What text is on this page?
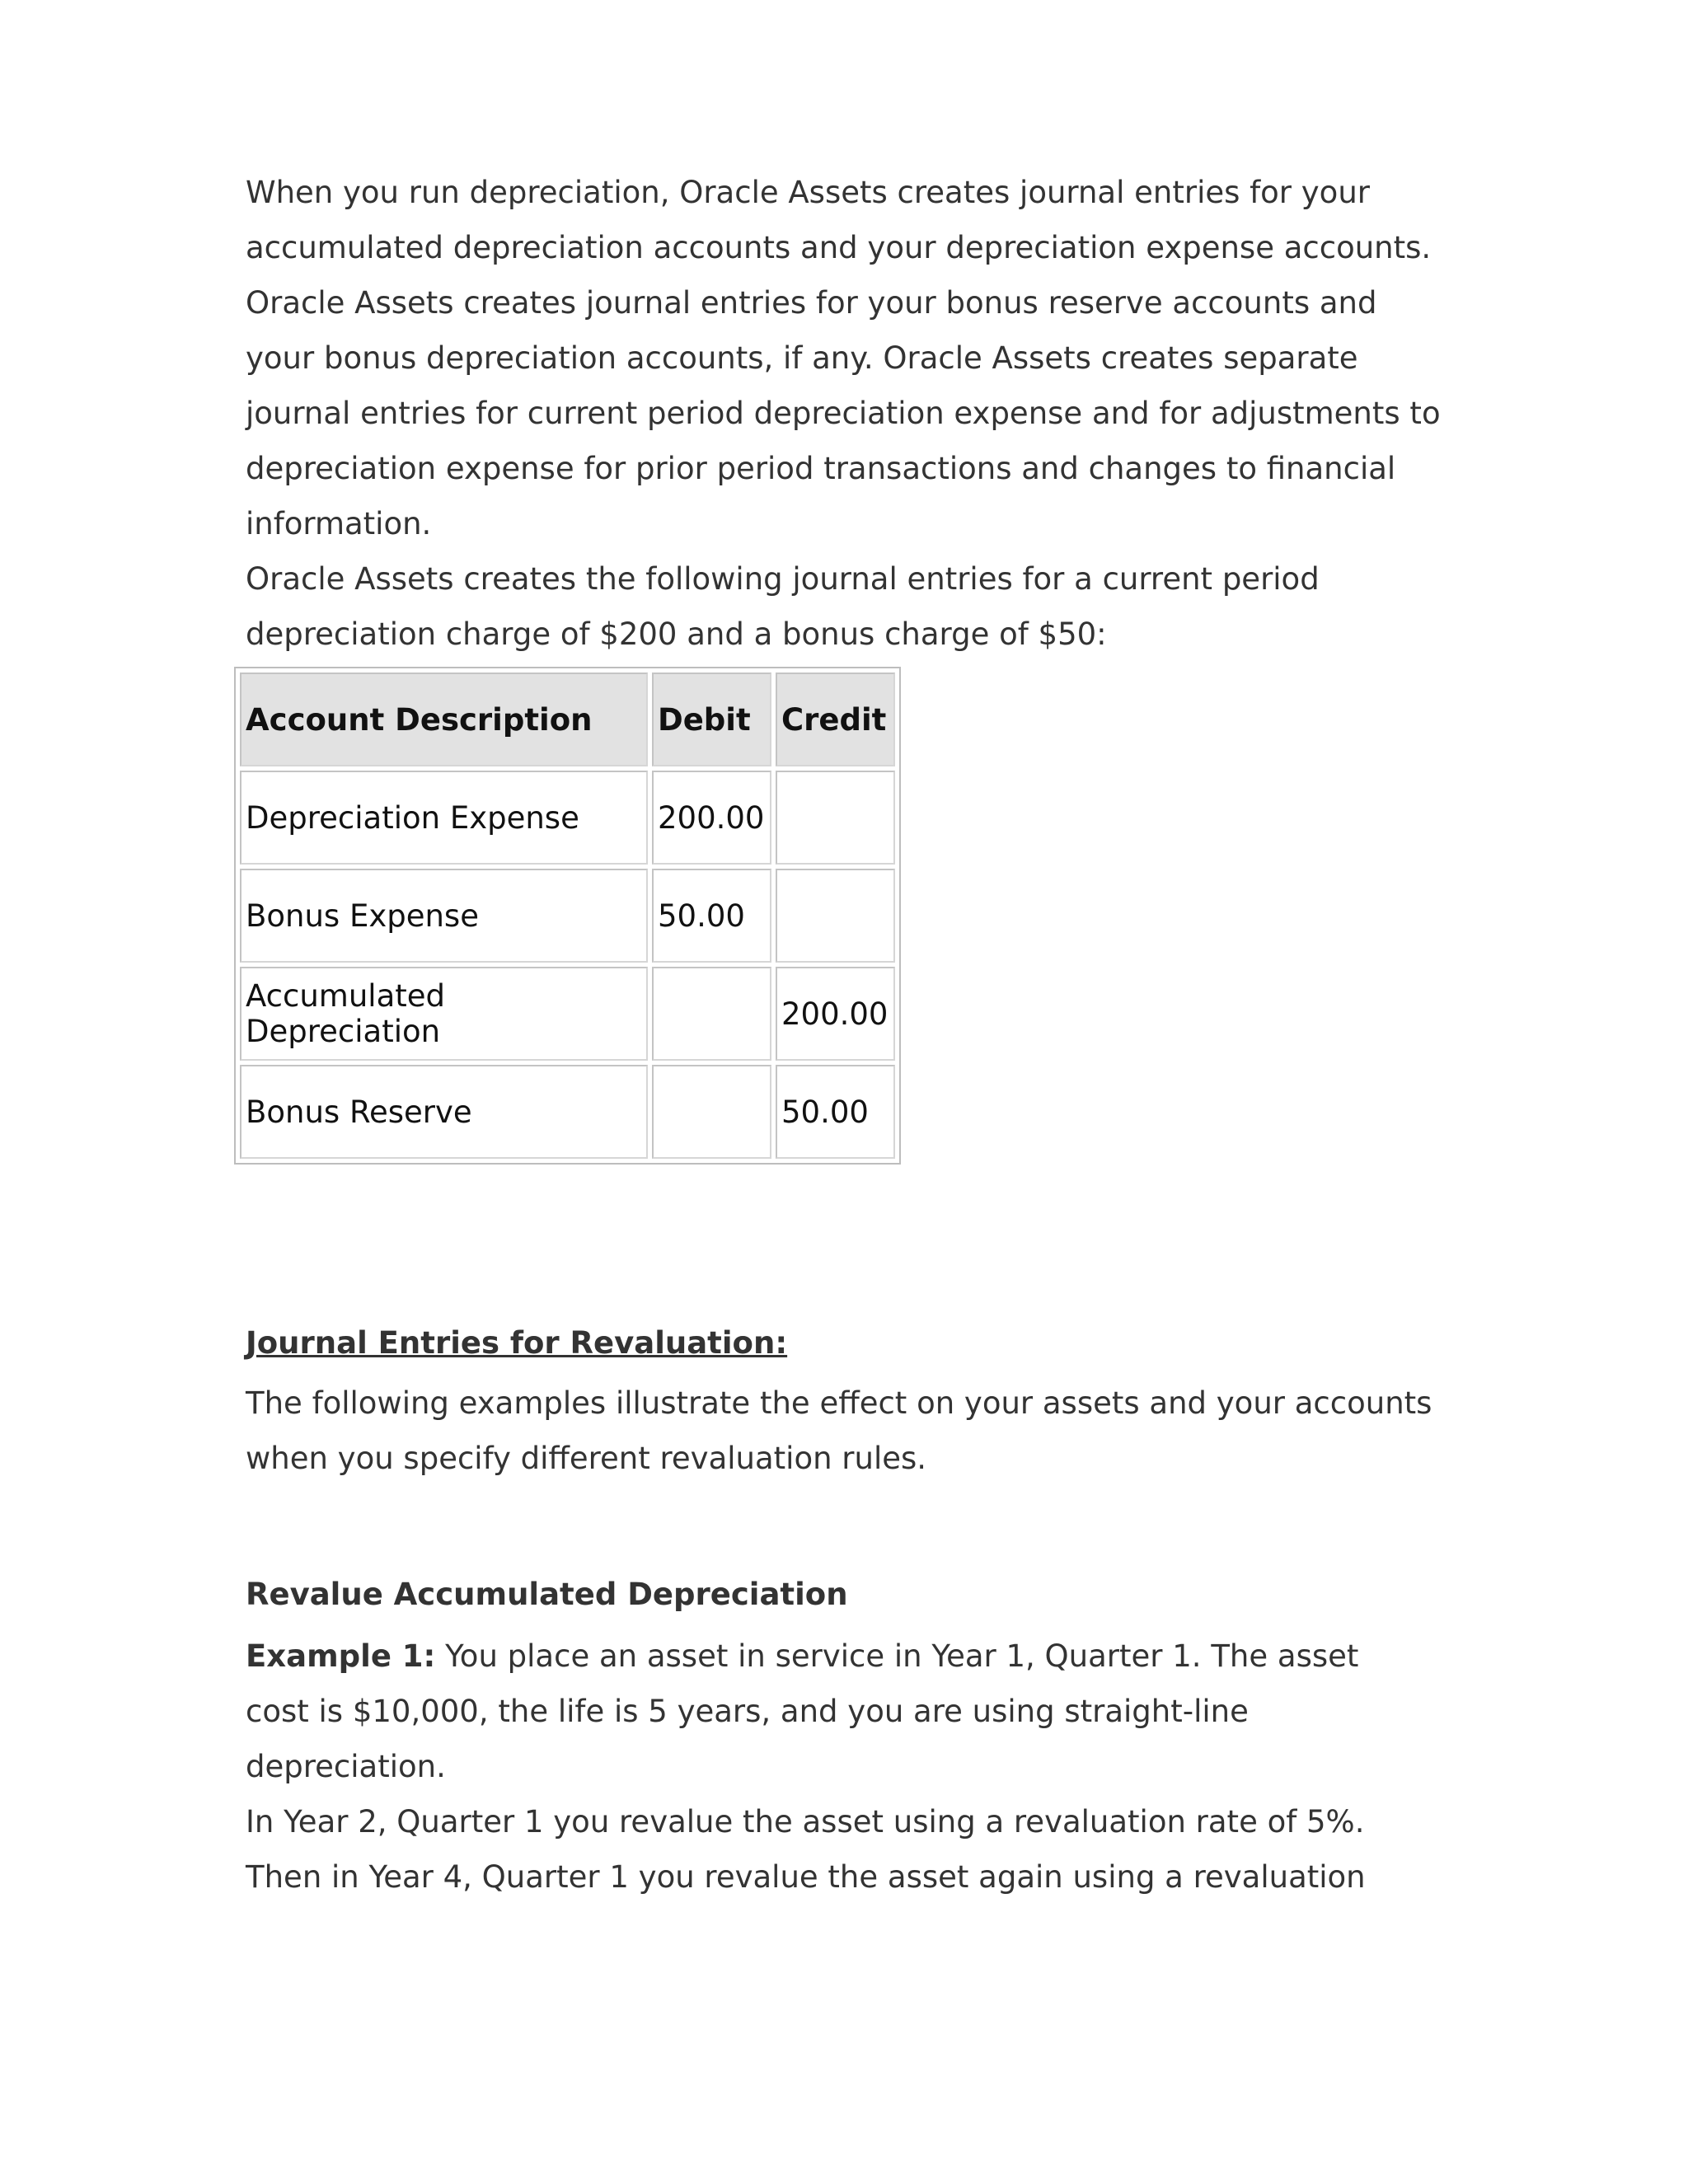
When you run depreciation, Oracle Assets creates journal entries for your accumulated depreciation accounts and your depreciation expense accounts. Oracle Assets creates journal entries for your bonus reserve accounts and your bonus depreciation accounts, if any. Oracle Assets creates separate journal entries for current period depreciation expense and for adjustments to depreciation expense for prior period transactions and changes to financial information.

Oracle Assets creates the following journal entries for a current period depreciation charge of $200 and a bonus charge of $50:

Account Description	Debit	Credit
Depreciation Expense	200.00	
Bonus Expense	50.00	
Accumulated Depreciation		200.00
Bonus Reserve		50.00

Journal Entries for Revaluation:

The following examples illustrate the effect on your assets and your accounts when you specify different revaluation rules.

Revalue Accumulated Depreciation

Example 1: You place an asset in service in Year 1, Quarter 1. The asset cost is $10,000, the life is 5 years, and you are using straight-line depreciation.

In Year 2, Quarter 1 you revalue the asset using a revaluation rate of 5%. Then in Year 4, Quarter 1 you revalue the asset again using a revaluation
